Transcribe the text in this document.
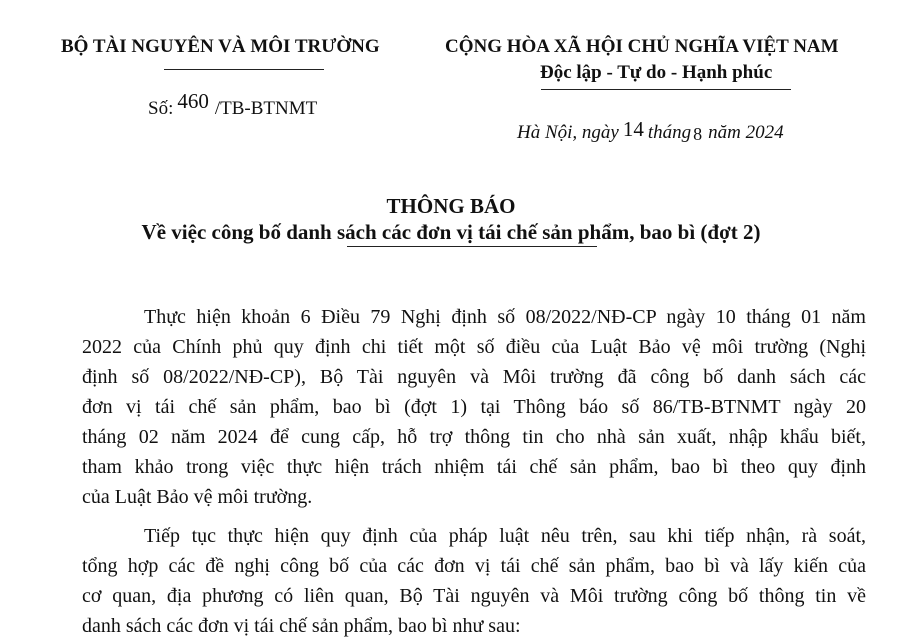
BỘ TÀI NGUYÊN VÀ MÔI TRƯỜNG	CỘNG HÒA XÃ HỘI CHỦ NGHĨA VIỆT NAM
Độc lập - Tự do - Hạnh phúc
Số: 460 /TB-BTNMT
Hà Nội, ngày 14 tháng 8 năm 2024
THÔNG BÁO
Về việc công bố danh sách các đơn vị tái chế sản phẩm, bao bì (đợt 2)
Thực hiện khoản 6 Điều 79 Nghị định số 08/2022/NĐ-CP ngày 10 tháng 01 năm
2022 của Chính phủ quy định chi tiết một số điều của Luật Bảo vệ môi trường (Nghị
định số 08/2022/NĐ-CP), Bộ Tài nguyên và Môi trường đã công bố danh sách các
đơn vị tái chế sản phẩm, bao bì (đợt 1) tại Thông báo số 86/TB-BTNMT ngày 20
tháng 02 năm 2024 để cung cấp, hỗ trợ thông tin cho nhà sản xuất, nhập khẩu biết,
tham khảo trong việc thực hiện trách nhiệm tái chế sản phẩm, bao bì theo quy định
của Luật Bảo vệ môi trường.
Tiếp tục thực hiện quy định của pháp luật nêu trên, sau khi tiếp nhận, rà soát,
tổng hợp các đề nghị công bố của các đơn vị tái chế sản phẩm, bao bì và lấy kiến của
cơ quan, địa phương có liên quan, Bộ Tài nguyên và Môi trường công bố thông tin về
danh sách các đơn vị tái chế sản phẩm, bao bì như sau:
